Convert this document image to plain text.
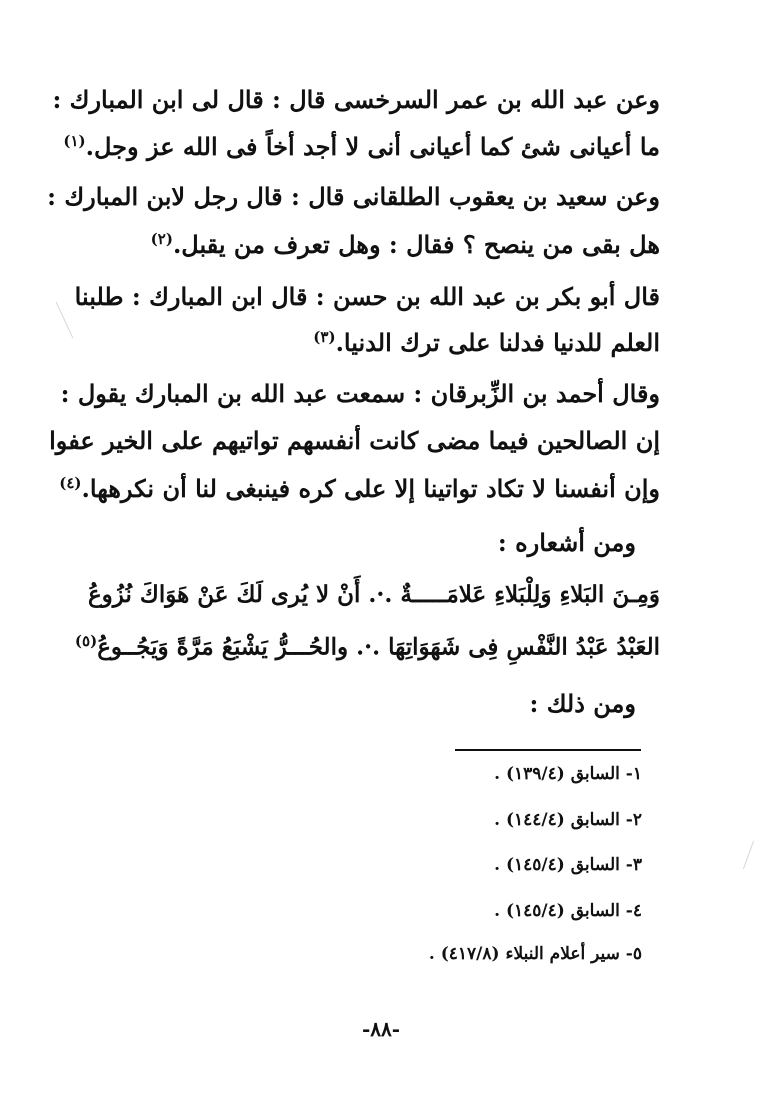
وعن عبد الله بن عمر السرخسى قال : قال لى ابن المبارك :
ما أعيانى شئ كما أعيانى أنى لا أجد أخاً فى الله عز وجل.$^{(١)}$
وعن سعيد بن يعقوب الطلقانى قال : قال رجل لابن المبارك :
هل بقى من ينصح ؟ فقال : وهل تعرف من يقبل.$^{(٢)}$
قال أبو بكر بن عبد الله بن حسن : قال ابن المبارك : طلبنا
العلم للدنيا فدلنا على ترك الدنيا.$^{(٣)}$
وقال أحمد بن الزِّبرقان : سمعت عبد الله بن المبارك يقول :
إن الصالحين فيما مضى كانت أنفسهم تواتيهم على الخير عفوا
وإن أنفسنا لا تكاد تواتينا إلا على كره فينبغى لنا أن نكرهها.$^{(٤)}$
ومن أشعاره :
وَمِـنَ البَلاءِ وَلِلْبَلاءِ عَلامَـــــةٌ .·. أَنْ لا يُرى لَكَ عَنْ هَوَاكَ نُزُوعُ
العَبْدُ عَبْدُ النَّفْسِ فِى شَهَوَاتِهَا .·. والحُـــرُّ يَشْبَعُ مَرَّةً وَيَجُــوعُ$^{(٥)}$
ومن ذلك :
١- السابق (١٣٩/٤) .
٢- السابق (١٤٤/٤) .
٣- السابق (١٤٥/٤) .
٤- السابق (١٤٥/٤) .
٥- سير أعلام النبلاء (٤١٧/٨) .
-٨٨-
